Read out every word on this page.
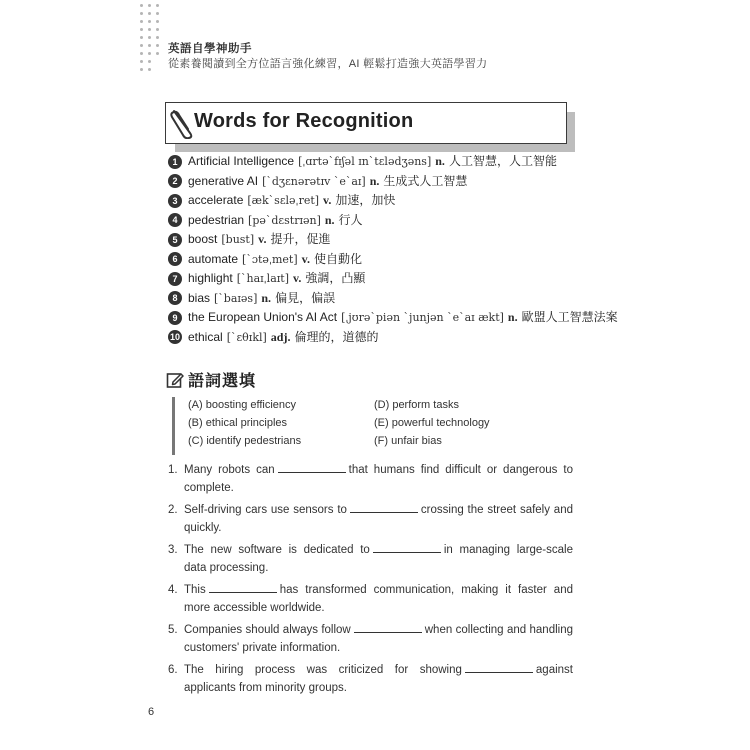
英語自學神助手
從素養閱讀到全方位語言強化練習，AI 輕鬆打造強大英語學習力
Words for Recognition
1 Artificial Intelligence [ˌɑrtəˋfɪʃəl ɪnˋtɛlədʒəns] n. 人工智慧，人工智能
2 generative AI [ˋdʒɛnərətɪv ˋeˋaɪ] n. 生成式人工智慧
3 accelerate [ækˋsɛləˌret] v. 加速，加快
4 pedestrian [pəˋdɛstrɪən] n. 行人
5 boost [bust] v. 提升，促進
6 automate [ˋɔtəˌmet] v. 使自動化
7 highlight [ˋhaɪˌlaɪt] v. 強調，凸顯
8 bias [ˋbaɪəs] n. 偏見，偏誤
9 the European Union's AI Act [ˌjʊrəˋpiən ˋjunjən ˋeˋaɪ ækt] n. 歐盟人工智慧法案
10 ethical [ˋɛθɪkl] adj. 倫理的，道德的
語詞選填
(A) boosting efficiency
(B) ethical principles
(C) identify pedestrians
(D) perform tasks
(E) powerful technology
(F) unfair bias
1. Many robots can	that humans find difficult or dangerous to complete.
2. Self-driving cars use sensors to	crossing the street safely and quickly.
3. The new software is dedicated to	in managing large-scale data processing.
4. This	has transformed communication, making it faster and more accessible worldwide.
5. Companies should always follow	when collecting and handling customers' private information.
6. The hiring process was criticized for showing	against applicants from minority groups.
6
